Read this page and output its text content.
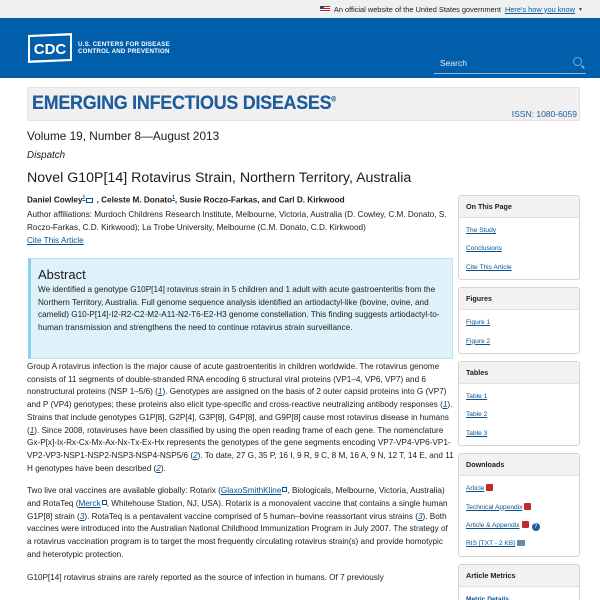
An official website of the United States government Here's how you know ▾
CDC U.S. CENTERS FOR DISEASE
CONTROL AND PREVENTION
Search
EMERGING INFECTIOUS DISEASES®
ISSN: 1080-6059
Volume 19, Number 8—August 2013
Dispatch
Novel G10P[14] Rotavirus Strain, Northern Territory, Australia
Daniel Cowley$^1$ , Celeste M. Donato$^1$, Susie Roczo-Farkas, and Carl D. Kirkwood
Author affiliations: Murdoch Childrens Research Institute, Melbourne, Victoria, Australia (D. Cowley, C.M. Donato, S. Roczo-Farkas, C.D. Kirkwood); La Trobe University, Melbourne (C.M. Donato, C.D. Kirkwood)
Cite This Article
Abstract

We identified a genotype G10P[14] rotavirus strain in 5 children and 1 adult with acute gastroenteritis from the Northern Territory, Australia. Full genome sequence analysis identified an artiodactyl-like (bovine, ovine, and camelid) G10-P[14]-I2-R2-C2-M2-A11-N2-T6-E2-H3 genome constellation. This finding suggests artiodactyl-to-human transmission and strengthens the need to continue rotavirus strain surveillance.

Group A rotavirus infection is the major cause of acute gastroenteritis in children worldwide. The rotavirus genome consists of 11 segments of double-stranded RNA encoding 6 structural viral proteins (VP1–4, VP6, VP7) and 6 nonstructural proteins (NSP 1–5/6) (1). Genotypes are assigned on the basis of 2 outer capsid proteins into G (VP7) and P (VP4) genotypes; these proteins also elicit type-specific and cross-reactive neutralizing antibody responses (1). Strains that include genotypes G1P[8], G2P[4], G3P[8], G4P[8], and G9P[8] cause most rotavirus disease in humans (1). Since 2008, rotaviruses have been classified by using the open reading frame of each gene. The nomenclature Gx-P[x]-Ix-Rx-Cx-Mx-Ax-Nx-Tx-Ex-Hx represents the genotypes of the gene segments encoding VP7-VP4-VP6-VP1-VP2-VP3-NSP1-NSP2-NSP3-NSP4-NSP5/6 (2). To date, 27 G, 35 P, 16 I, 9 R, 9 C, 8 M, 16 A, 9 N, 12 T, 14 E, and 11 H genotypes have been described (2).

Two live oral vaccines are available globally: Rotarix (GlaxoSmithKline , Biologicals, Melbourne, Victoria, Australia) and RotaTeq (Merck , Whitehouse Station, NJ, USA). Rotarix is a monovalent vaccine that contains a single human G1P[8] strain (3). RotaTeq is a pentavalent vaccine comprised of 5 human–bovine reassortant virus strains (3). Both vaccines were introduced into the Australian National Childhood Immunization Program in July 2007. The strategy of a rotavirus vaccination program is to target the most frequently circulating rotavirus strain(s) and provide homotypic and heterotypic protection.

G10P[14] rotavirus strains are rarely reported as the source of infection in humans. Of 7 previously

On This Page
The Study
Conclusions
Cite This Article
Figures
Figure 1
Figure 2
Tables
Table 1
Table 2
Table 3
Downloads
Article
Technical Appendix
Article & Appendix ?
RIS [TXT - 2 KB]
Article Metrics
Metric Details
